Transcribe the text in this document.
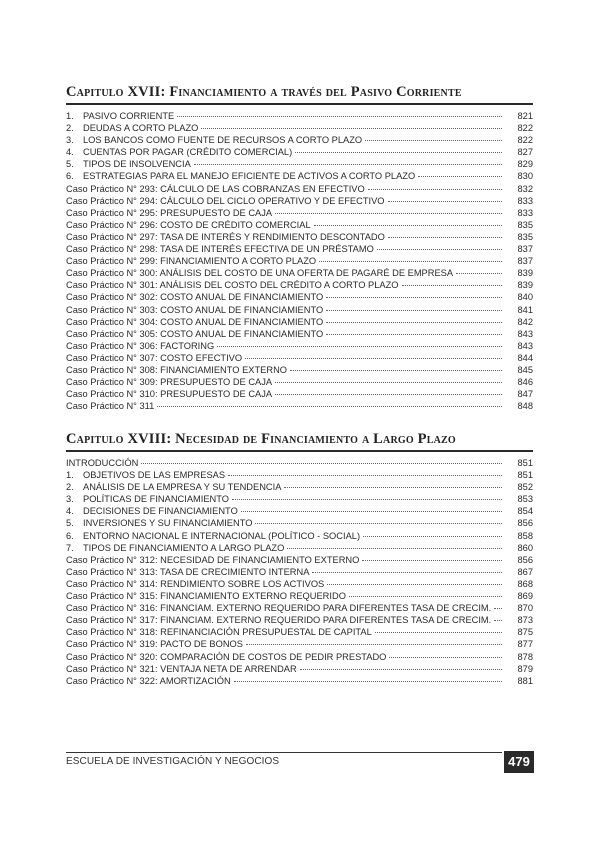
Capitulo XVII: Financiamiento a través del Pasivo Corriente
1. PASIVO CORRIENTE	821
2. DEUDAS A CORTO PLAZO	822
3. LOS BANCOS COMO FUENTE DE RECURSOS A CORTO PLAZO	822
4. CUENTAS POR PAGAR (CRÉDITO COMERCIAL)	827
5. TIPOS DE INSOLVENCIA	829
6. ESTRATEGIAS PARA EL MANEJO EFICIENTE DE ACTIVOS A CORTO PLAZO	830
Caso Práctico N° 293: CÁLCULO DE LAS COBRANZAS EN EFECTIVO	832
Caso Práctico N° 294: CÁLCULO DEL CICLO OPERATIVO Y DE EFECTIVO	833
Caso Práctico N° 295: PRESUPUESTO DE CAJA	833
Caso Práctico N° 296: COSTO DE CRÉDITO COMERCIAL	835
Caso Práctico N° 297: TASA DE INTERÉS Y RENDIMIENTO DESCONTADO	835
Caso Práctico N° 298: TASA DE INTERÉS EFECTIVA DE UN PRÉSTAMO	837
Caso Práctico N° 299: FINANCIAMIENTO A CORTO PLAZO	837
Caso Práctico N° 300: ANÁLISIS DEL COSTO DE UNA OFERTA DE PAGARÉ DE EMPRESA	839
Caso Práctico N° 301: ANÁLISIS DEL COSTO DEL CRÉDITO A CORTO PLAZO	839
Caso Práctico N° 302: COSTO ANUAL DE FINANCIAMIENTO	840
Caso Práctico N° 303: COSTO ANUAL DE FINANCIAMIENTO	841
Caso Práctico N° 304: COSTO ANUAL DE FINANCIAMIENTO	842
Caso Práctico N° 305: COSTO ANUAL DE FINANCIAMIENTO	843
Caso Práctico N° 306: FACTORING	843
Caso Práctico N° 307: COSTO EFECTIVO	844
Caso Práctico N° 308: FINANCIAMIENTO EXTERNO	845
Caso Práctico N° 309: PRESUPUESTO DE CAJA	846
Caso Práctico N° 310: PRESUPUESTO DE CAJA	847
Caso Práctico N° 311	848
Capitulo XVIII: Necesidad de Financiamiento a Largo Plazo
INTRODUCCIÓN	851
1. OBJETIVOS DE LAS EMPRESAS	851
2. ANÁLISIS DE LA EMPRESA Y SU TENDENCIA	852
3. POLÍTICAS DE FINANCIAMIENTO	853
4. DECISIONES DE FINANCIAMIENTO	854
5. INVERSIONES Y SU FINANCIAMIENTO	856
6. ENTORNO NACIONAL E INTERNACIONAL (POLÍTICO - SOCIAL)	858
7. TIPOS DE FINANCIAMIENTO A LARGO PLAZO	860
Caso Práctico N° 312: NECESIDAD DE FINANCIAMIENTO EXTERNO	856
Caso Práctico N° 313: TASA DE CRECIMIENTO INTERNA	867
Caso Práctico N° 314: RENDIMIENTO SOBRE LOS ACTIVOS	868
Caso Práctico N° 315: FINANCIAMIENTO EXTERNO REQUERIDO	869
Caso Práctico N° 316: FINANCIAM. EXTERNO REQUERIDO PARA DIFERENTES TASA DE CRECIM.	870
Caso Práctico N° 317: FINANCIAM. EXTERNO REQUERIDO PARA DIFERENTES TASA DE CRECIM.	873
Caso Práctico N° 318: REFINANCIACIÓN PRESUPUESTAL DE CAPITAL	875
Caso Práctico N° 319: PACTO DE BONOS	877
Caso Práctico N° 320: COMPARACIÓN DE COSTOS DE PEDIR PRESTADO	878
Caso Práctico N° 321: VENTAJA NETA DE ARRENDAR	879
Caso Práctico N° 322: AMORTIZACIÓN	881
ESCUELA DE INVESTIGACIÓN Y NEGOCIOS	479
